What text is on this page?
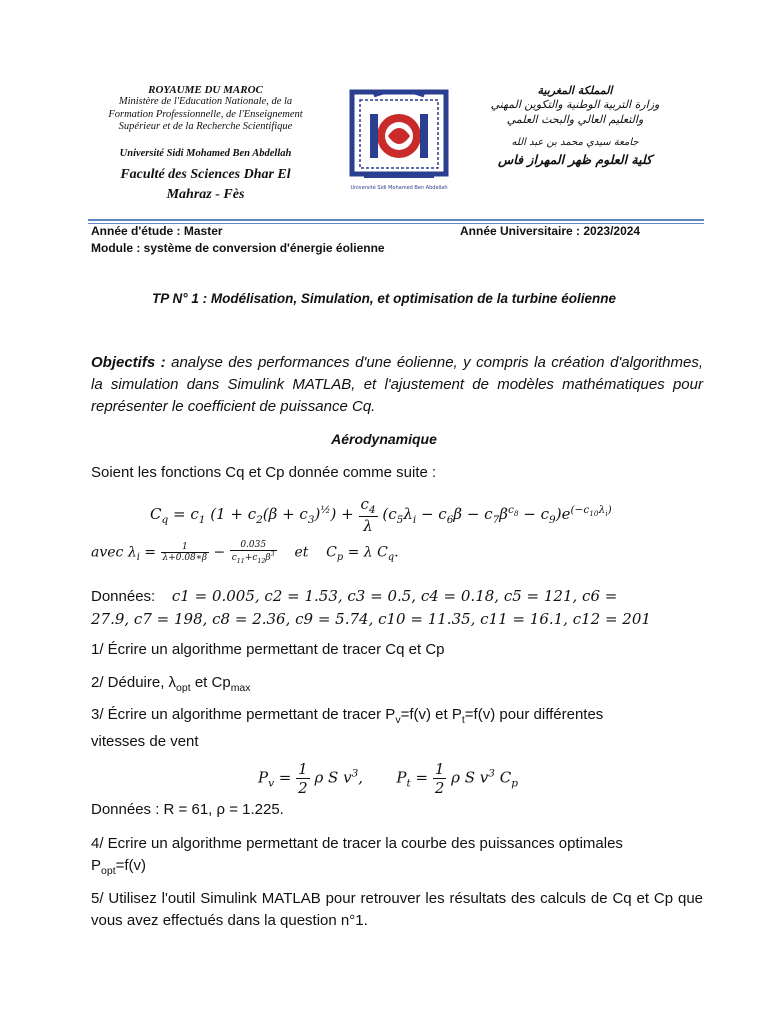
ROYAUME DU MAROC
Ministère de l'Education Nationale, de la
Formation Professionnelle, de l'Enseignement
Supérieur et de la Recherche Scientifique
Université Sidi Mohamed Ben Abdellah
Faculté des Sciences Dhar El
Mahraz - Fès	Université Sidi Mohamed Ben Abdellah
المملكة المغربية
وزارة التربية الوطنية والتكوين المهني
والتعليم العالي والبحث العلمي
جامعة سيدي محمد بن عبد الله
كلية العلوم ظهر المهراز فاس
Année d'étude : Master	Année Universitaire : 2023/2024
Module : système de conversion d'énergie éolienne
TP N° 1 : Modélisation, Simulation, et optimisation de la turbine éolienne
Objectifs : analyse des performances d'une éolienne, y compris la création d'algorithmes, la simulation dans Simulink MATLAB, et l'ajustement de modèles mathématiques pour représenter le coefficient de puissance Cq.
Aérodynamique
Soient les fonctions Cq et Cp donnée comme suite :
$C_q = c_1$ $(1 + c_2(\beta + c_3)^{\frac{1}{2}}) + \frac{c_4}{\lambda} (c_5\lambda_i - c_6\beta - c_7\beta^{c_8} - c_9)e^{(-c_{10}\lambda_i)}$
avec $\lambda_i = \frac{1}{\lambda+0.08∗\beta} - \frac{0.035}{c_{11}+c_{12}\beta^3}$ et    $C_p = \lambda$ $C_q$.
Données: c1 = 0.005, c2 = 1.53, c3 = 0.5, c4 = 0.18, c5 = 121, c6 =
27.9, c7 = 198, c8 = 2.36, c9 = 5.74, c10 = 11.35, c11 = 16.1, c12 = 201
1/ Écrire un algorithme permettant de tracer Cq et Cp
2/ Déduire, $\lambda_{opt}$ et $Cp_{max}$
3/ Écrire un algorithme permettant de tracer $P_v=f(v)$ et $P_t=f(v)$ pour différentes
vitesses de vent
$P_v = \frac{1}{2}$ ρ S $v^3$,       $P_t = \frac{1}{2}$ ρ S $v^3$ $C_p$
Données : R = 61, ρ = 1.225.
4/ Ecrire un algorithme permettant de tracer la courbe des puissances optimales
$P_{opt}=f(v)$
5/ Utilisez l'outil Simulink MATLAB pour retrouver les résultats des calculs de Cq et Cp que vous avez effectués dans la question n°1.
